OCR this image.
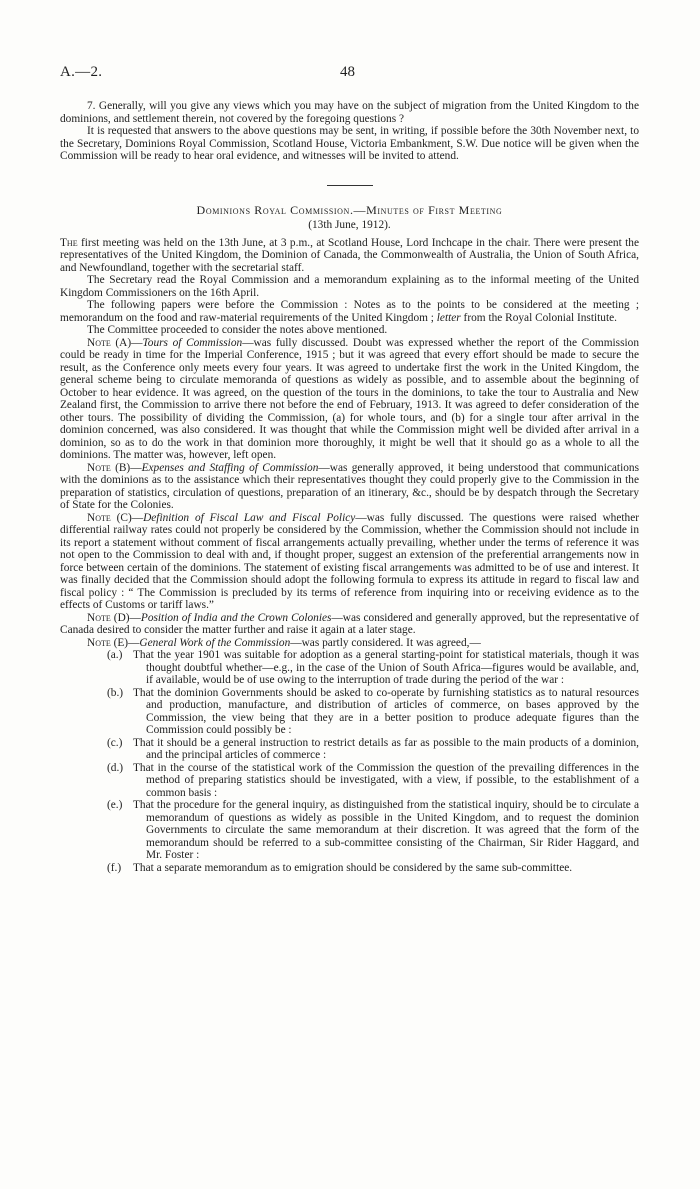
A.—2.	48

7. Generally, will you give any views which you may have on the subject of migration from the United Kingdom to the dominions, and settlement therein, not covered by the foregoing questions ?

It is requested that answers to the above questions may be sent, in writing, if possible before the 30th November next, to the Secretary, Dominions Royal Commission, Scotland House, Victoria Embankment, S.W. Due notice will be given when the Commission will be ready to hear oral evidence, and witnesses will be invited to attend.

Dominions Royal Commission.—Minutes of First Meeting
(13th June, 1912).

The first meeting was held on the 13th June, at 3 p.m., at Scotland House, Lord Inchcape in the chair. There were present the representatives of the United Kingdom, the Dominion of Canada, the Commonwealth of Australia, the Union of South Africa, and Newfoundland, together with the secretarial staff.

The Secretary read the Royal Commission and a memorandum explaining as to the informal meeting of the United Kingdom Commissioners on the 16th April.

The following papers were before the Commission : Notes as to the points to be considered at the meeting ; memorandum on the food and raw-material requirements of the United Kingdom ; letter from the Royal Colonial Institute.

The Committee proceeded to consider the notes above mentioned.

Note (A)—Tours of Commission—was fully discussed. Doubt was expressed whether the report of the Commission could be ready in time for the Imperial Conference, 1915 ; but it was agreed that every effort should be made to secure the result, as the Conference only meets every four years. It was agreed to undertake first the work in the United Kingdom, the general scheme being to circulate memoranda of questions as widely as possible, and to assemble about the beginning of October to hear evidence. It was agreed, on the question of the tours in the dominions, to take the tour to Australia and New Zealand first, the Commission to arrive there not before the end of February, 1913. It was agreed to defer consideration of the other tours. The possibility of dividing the Commission, (a) for whole tours, and (b) for a single tour after arrival in the dominion concerned, was also considered. It was thought that while the Commission might well be divided after arrival in a dominion, so as to do the work in that dominion more thoroughly, it might be well that it should go as a whole to all the dominions. The matter was, however, left open.

Note (B)—Expenses and Staffing of Commission—was generally approved, it being understood that communications with the dominions as to the assistance which their representatives thought they could properly give to the Commission in the preparation of statistics, circulation of questions, preparation of an itinerary, &c., should be by despatch through the Secretary of State for the Colonies.

Note (C)—Definition of Fiscal Law and Fiscal Policy—was fully discussed. The questions were raised whether differential railway rates could not properly be considered by the Commission, whether the Commission should not include in its report a statement without comment of fiscal arrangements actually prevailing, whether under the terms of reference it was not open to the Commission to deal with and, if thought proper, suggest an extension of the preferential arrangements now in force between certain of the dominions. The statement of existing fiscal arrangements was admitted to be of use and interest. It was finally decided that the Commission should adopt the following formula to express its attitude in regard to fiscal law and fiscal policy : “ The Commission is precluded by its terms of reference from inquiring into or receiving evidence as to the effects of Customs or tariff laws.”

Note (D)—Position of India and the Crown Colonies—was considered and generally approved, but the representative of Canada desired to consider the matter further and raise it again at a later stage.

Note (E)—General Work of the Commission—was partly considered. It was agreed,—

(a.) That the year 1901 was suitable for adoption as a general starting-point for statistical materials, though it was thought doubtful whether—e.g., in the case of the Union of South Africa—figures would be available, and, if available, would be of use owing to the interruption of trade during the period of the war :
(b.) That the dominion Governments should be asked to co-operate by furnishing statistics as to natural resources and production, manufacture, and distribution of articles of commerce, on bases approved by the Commission, the view being that they are in a better position to produce adequate figures than the Commission could possibly be :
(c.) That it should be a general instruction to restrict details as far as possible to the main products of a dominion, and the principal articles of commerce :
(d.) That in the course of the statistical work of the Commission the question of the prevailing differences in the method of preparing statistics should be investigated, with a view, if possible, to the establishment of a common basis :
(e.) That the procedure for the general inquiry, as distinguished from the statistical inquiry, should be to circulate a memorandum of questions as widely as possible in the United Kingdom, and to request the dominion Governments to circulate the same memorandum at their discretion. It was agreed that the form of the memorandum should be referred to a sub-committee consisting of the Chairman, Sir Rider Haggard, and Mr. Foster :
(f.)	That a separate memorandum as to emigration should be considered by the same sub-committee.
